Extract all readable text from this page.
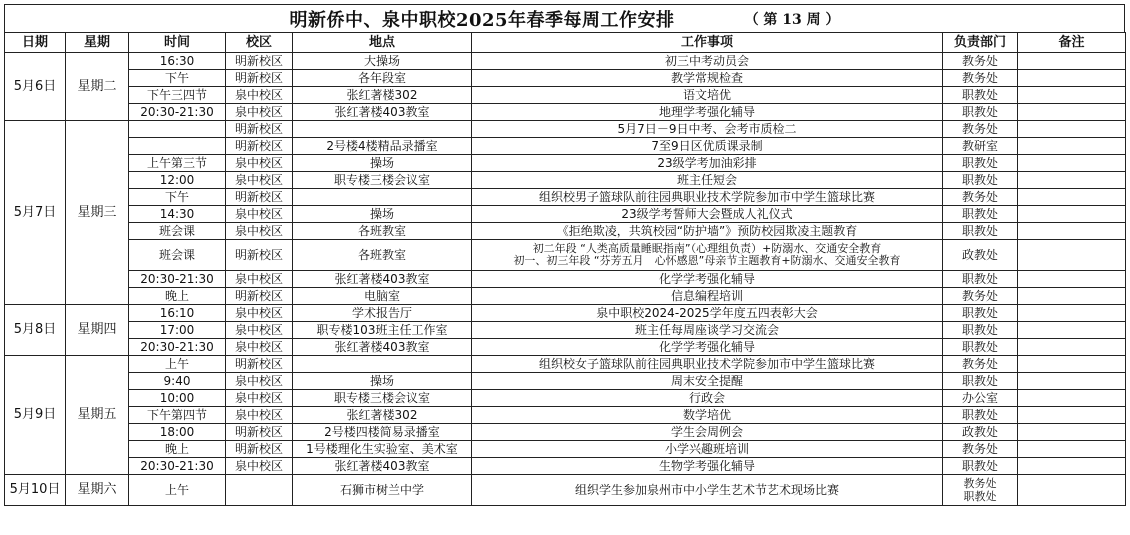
明新侨中、泉中职校2025年春季每周工作安排	（ 第 13 周 ）
日期	星期	时间	校区	地点	工作事项	负责部门	备注
5月6日	星期二	16:30	明新校区	大操场	初三中考动员会	教务处	
		下午	明新校区	各年段室	教学常规检查	教务处	
		下午三四节	泉中校区	张红著楼302	语文培优	职教处	
		20:30-21:30	泉中校区	张红著楼403教室	地理学考强化辅导	职教处	
5月7日	星期三		明新校区		5月7日－9日中考、会考市质检二	教务处	
			明新校区	2号楼4楼精品录播室	7至9日区优质课录制	教研室	
		上午第三节	泉中校区	操场	23级学考加油彩排	职教处	
		12:00	泉中校区	职专楼三楼会议室	班主任短会	职教处	
		下午	明新校区		组织校男子篮球队前往园典职业技术学院参加市中学生篮球比赛	教务处	
		14:30	泉中校区	操场	23级学考誓师大会暨成人礼仪式	职教处	
		班会课	泉中校区	各班教室	《拒绝欺凌，共筑校园“防护墙”》预防校园欺凌主题教育	职教处	
		班会课	明新校区	各班教室	初二年段 “人类高质量睡眠指南”（心理组负责）+防溺水、交通安全教育
初一、初三年段 “芬芳五月　心怀感恩”母亲节主题教育+防溺水、交通安全教育	政教处	
		20:30-21:30	泉中校区	张红著楼403教室	化学学考强化辅导	职教处	
		晚上	明新校区	电脑室	信息编程培训	教务处	
5月8日	星期四	16:10	泉中校区	学术报告厅	泉中职校2024-2025学年度五四表彰大会	职教处	
		17:00	泉中校区	职专楼103班主任工作室	班主任每周座谈学习交流会	职教处	
		20:30-21:30	泉中校区	张红著楼403教室	化学学考强化辅导	职教处	
5月9日	星期五	上午	明新校区		组织校女子篮球队前往园典职业技术学院参加市中学生篮球比赛	教务处	
		9:40	泉中校区	操场	周末安全提醒	职教处	
		10:00	泉中校区	职专楼三楼会议室	行政会	办公室	
		下午第四节	泉中校区	张红著楼302	数学培优	职教处	
		18:00	明新校区	2号楼四楼简易录播室	学生会周例会	政教处	
		晚上	明新校区	1号楼理化生实验室、美术室	小学兴趣班培训	教务处	
		20:30-21:30	泉中校区	张红著楼403教室	生物学考强化辅导	职教处	
5月10日	星期六	上午		石狮市树兰中学	组织学生参加泉州市中小学生艺术节艺术现场比赛	教务处
职教处	
